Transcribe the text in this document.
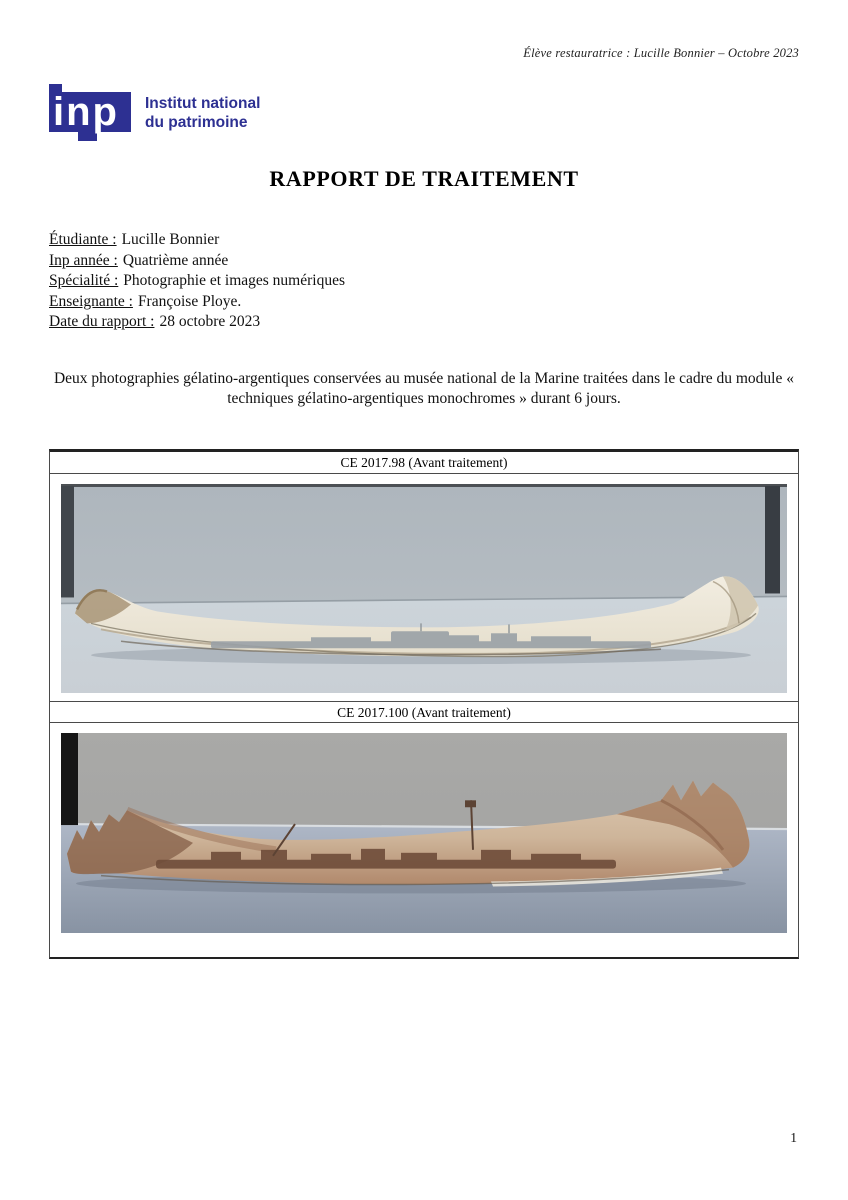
Élève restauratrice : Lucille Bonnier – Octobre 2023
inp Institut national
du patrimoine
RAPPORT DE TRAITEMENT
Étudiante : Lucille Bonnier
Inp année : Quatrième année
Spécialité : Photographie et images numériques
Enseignante : Françoise Ploye.
Date du rapport : 28 octobre 2023

Deux photographies gélatino-argentiques conservées au musée national de la Marine traitées dans le cadre du module « techniques gélatino-argentiques monochromes » durant 6 jours.

CE 2017.98 (Avant traitement)
CE 2017.100 (Avant traitement)
1
